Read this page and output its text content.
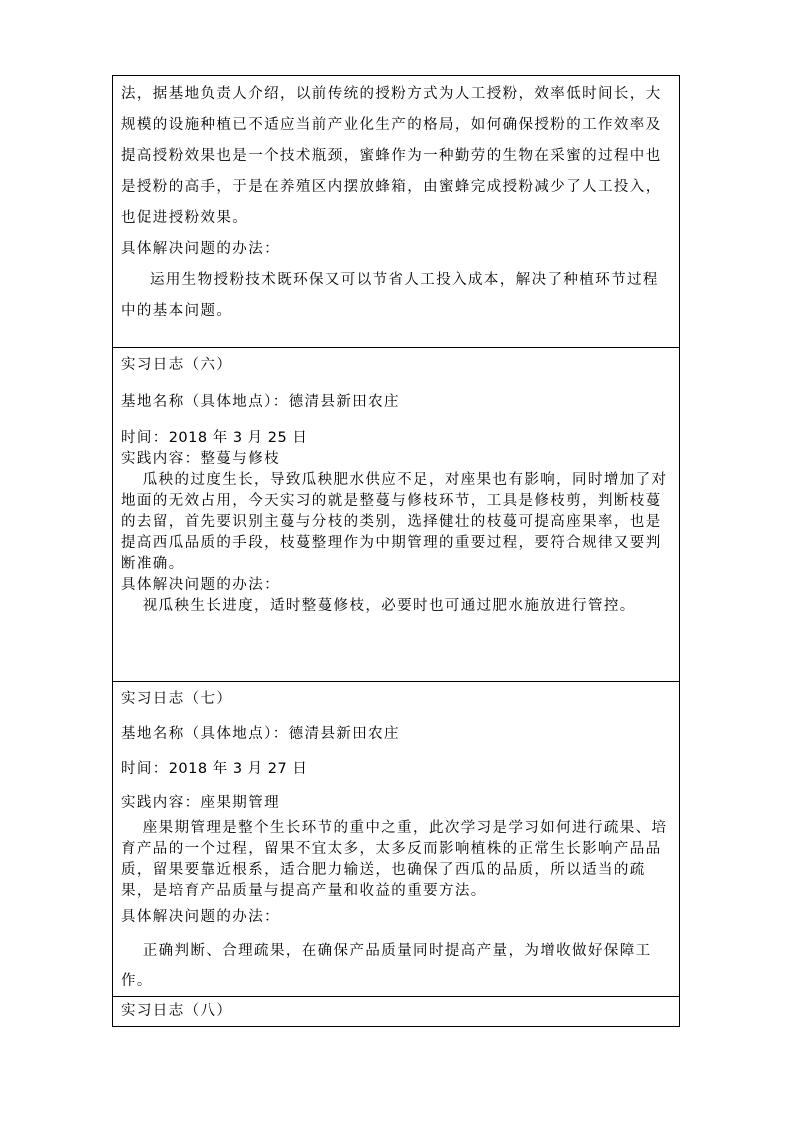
法，据基地负责人介绍，以前传统的授粉方式为人工授粉，效率低时间长，大规模的设施种植已不适应当前产业化生产的格局，如何确保授粉的工作效率及提高授粉效果也是一个技术瓶颈，蜜蜂作为一种勤劳的生物在采蜜的过程中也是授粉的高手，于是在养殖区内摆放蜂箱，由蜜蜂完成授粉减少了人工投入，也促进授粉效果。

具体解决问题的办法：

运用生物授粉技术既环保又可以节省人工投入成本，解决了种植环节过程中的基本问题。

实习日志（六）

基地名称（具体地点）：德清县新田农庄

时间：2018 年 3 月 25 日

实践内容：整蔓与修枝

瓜秧的过度生长，导致瓜秧肥水供应不足，对座果也有影响，同时增加了对地面的无效占用，今天实习的就是整蔓与修枝环节，工具是修枝剪，判断枝蔓的去留，首先要识别主蔓与分枝的类别，选择健壮的枝蔓可提高座果率，也是提高西瓜品质的手段，枝蔓整理作为中期管理的重要过程，要符合规律又要判断准确。

具体解决问题的办法：

视瓜秧生长进度，适时整蔓修枝，必要时也可通过肥水施放进行管控。

实习日志（七）

基地名称（具体地点）：德清县新田农庄

时间：2018 年 3 月 27 日

实践内容：座果期管理

座果期管理是整个生长环节的重中之重，此次学习是学习如何进行疏果、培育产品的一个过程，留果不宜太多，太多反而影响植株的正常生长影响产品品质，留果要靠近根系，适合肥力输送，也确保了西瓜的品质，所以适当的疏果，是培育产品质量与提高产量和收益的重要方法。

具体解决问题的办法：

正确判断、合理疏果，在确保产品质量同时提高产量，为增收做好保障工作。

实习日志（八）
